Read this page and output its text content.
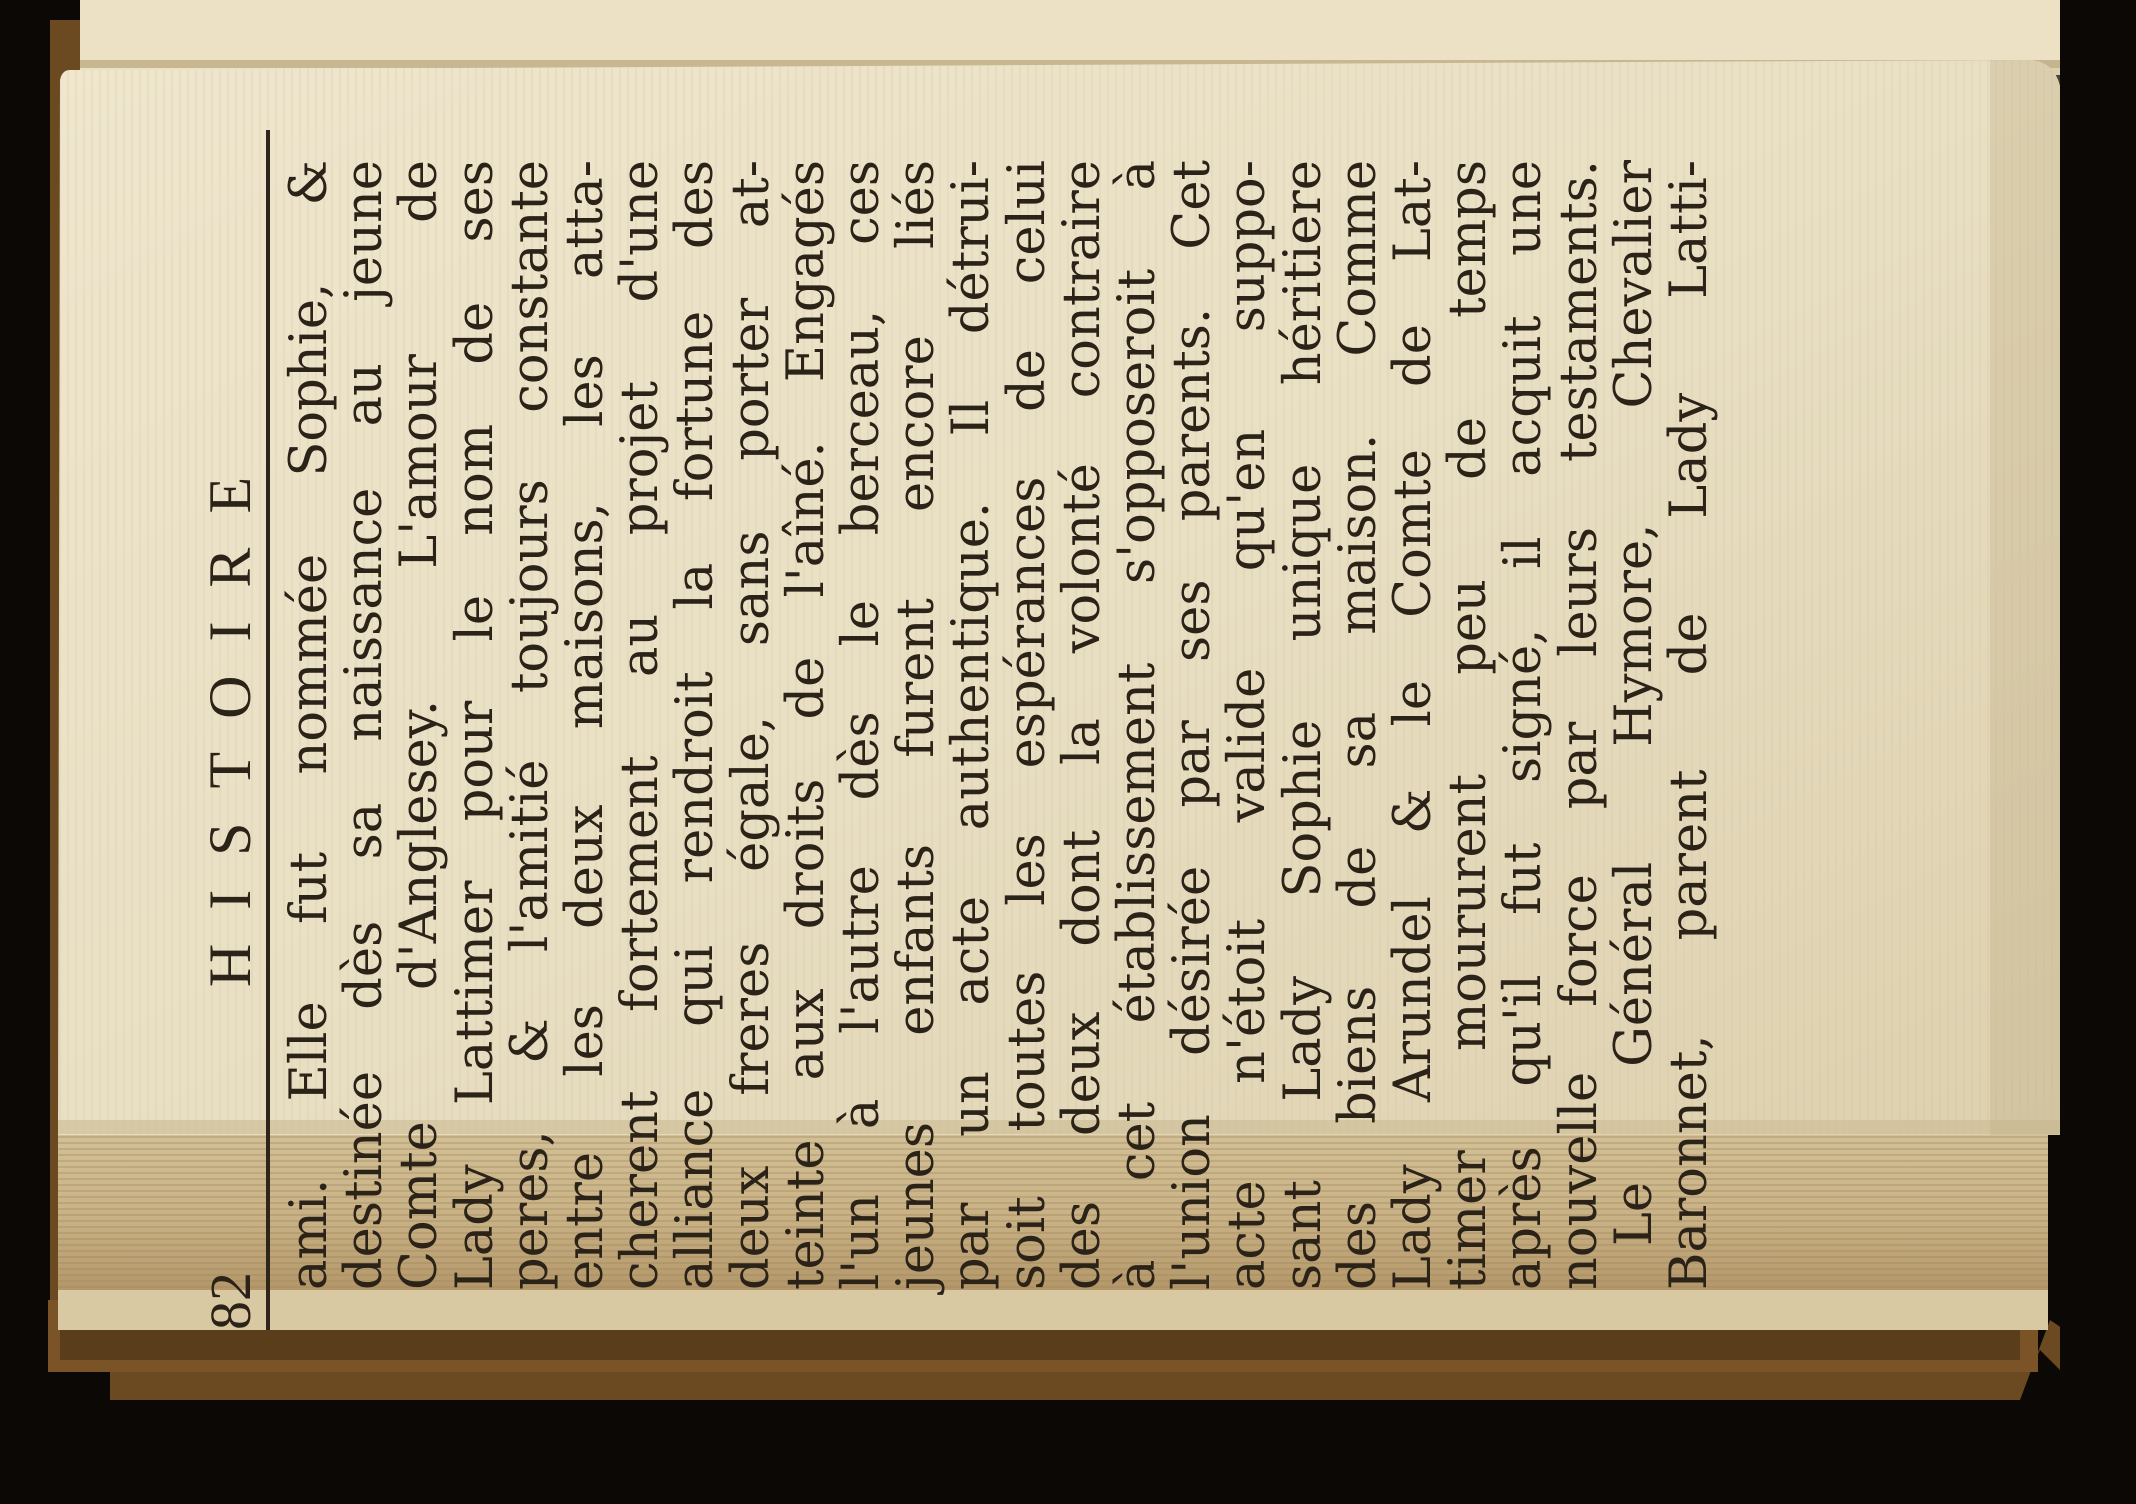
82
HISTOIRE ami. Elle fut nommée Sophie, &
destinée dès sa naissance au jeune
Comte d'Anglesey. L'amour de
Lady Lattimer pour le nom de ses
peres, & l'amitié toujours constante
entre les deux maisons, les atta-
cherent fortement au projet d'une
alliance qui rendroit la fortune des
deux freres égale, sans porter at-
teinte aux droits de l'aîné. Engagés
l'un à l'autre dès le berceau, ces
jeunes enfants furent encore liés
par un acte authentique. Il détrui-
soit toutes les espérances de celui
des deux dont la volonté contraire
à cet établissement s'opposeroit à
l'union désirée par ses parents. Cet
acte n'étoit valide qu'en suppo-
sant Lady Sophie unique héritiere
des biens de sa maison. Comme
Lady Arundel & le Comte de Lat-
timer moururent peu de temps
après qu'il fut signé, il acquit une
nouvelle force par leurs testaments.
Le Général Hymore, Chevalier
Baronnet, parent de Lady Latti-
